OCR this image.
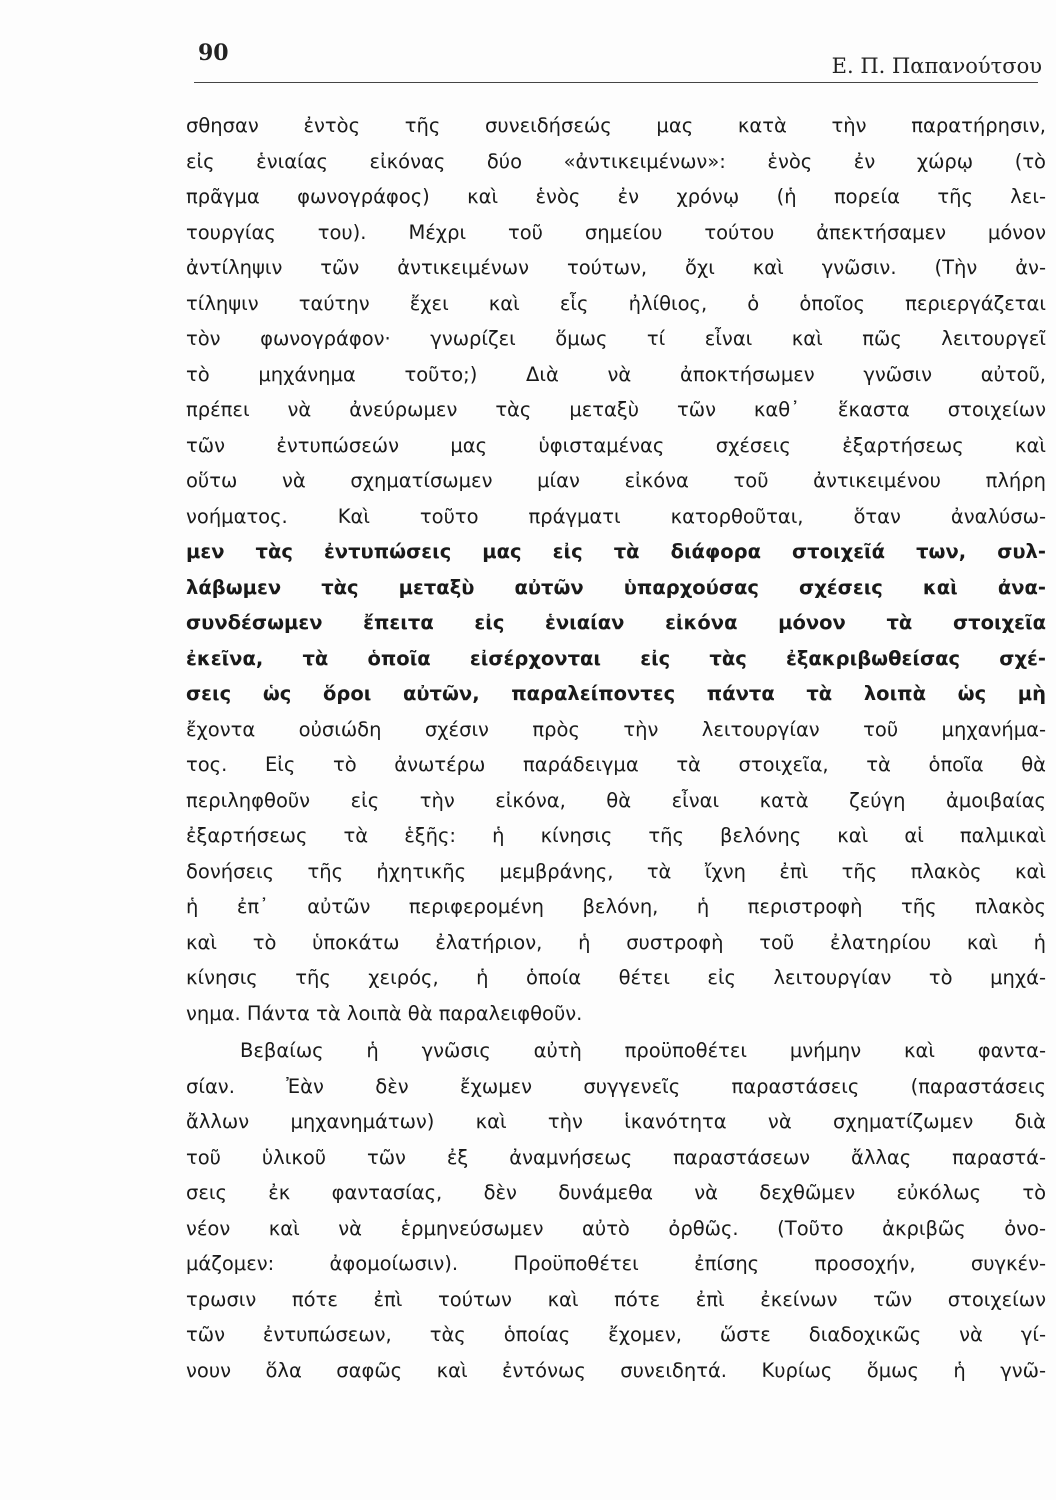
90	Ε. Π. Παπανούτσου
σθησαν ἐντὸς τῆς συνειδήσεώς μας κατὰ τὴν παρατήρησιν,
εἰς ἑνιαίας εἰκόνας δύο «ἀντικειμένων»: ἑνὸς ἐν χώρῳ (τὸ
πρᾶγμα φωνογράφος) καὶ ἑνὸς ἐν χρόνῳ (ἡ πορεία τῆς λει-
τουργίας του). Μέχρι τοῦ σημείου τούτου ἀπεκτήσαμεν μόνον
ἀντίληψιν τῶν ἀντικειμένων τούτων, ὄχι καὶ γνῶσιν. (Τὴν ἀν-
τίληψιν ταύτην ἔχει καὶ εἷς ἠλίθιος, ὁ ὁποῖος περιεργάζεται
τὸν φωνογράφον· γνωρίζει ὅμως τί εἶναι καὶ πῶς λειτουργεῖ
τὸ μηχάνημα τοῦτο;) Διὰ νὰ ἀποκτήσωμεν γνῶσιν αὐτοῦ,
πρέπει νὰ ἀνεύρωμεν τὰς μεταξὺ τῶν καθ᾽ ἕκαστα στοιχείων
τῶν ἐντυπώσεών μας ὑφισταμένας σχέσεις ἐξαρτήσεως καὶ
οὕτω νὰ σχηματίσωμεν μίαν εἰκόνα τοῦ ἀντικειμένου πλήρη
νοήματος. Καὶ τοῦτο πράγματι κατορθοῦται, ὅταν ἀναλύσω-
μεν τὰς ἐντυπώσεις μας εἰς τὰ διάφορα στοιχεῖά των, συλ-
λάβωμεν τὰς μεταξὺ αὐτῶν ὑπαρχούσας σχέσεις καὶ ἀνα-
συνδέσωμεν ἔπειτα εἰς ἑνιαίαν εἰκόνα μόνον τὰ στοιχεῖα
ἐκεῖνα, τὰ ὁποῖα εἰσέρχονται εἰς τὰς ἐξακριβωθείσας σχέ-
σεις ὡς ὅροι αὐτῶν, παραλείποντες πάντα τὰ λοιπὰ ὡς μὴ
ἔχοντα οὐσιώδη σχέσιν πρὸς τὴν λειτουργίαν τοῦ μηχανήμα-
τος. Εἰς τὸ ἀνωτέρω παράδειγμα τὰ στοιχεῖα, τὰ ὁποῖα θὰ
περιληφθοῦν εἰς τὴν εἰκόνα, θὰ εἶναι κατὰ ζεύγη ἀμοιβαίας
ἐξαρτήσεως τὰ ἑξῆς: ἡ κίνησις τῆς βελόνης καὶ αἱ παλμικαὶ
δονήσεις τῆς ἠχητικῆς μεμβράνης, τὰ ἴχνη ἐπὶ τῆς πλακὸς καὶ
ἡ ἐπ᾽ αὐτῶν περιφερομένη βελόνη, ἡ περιστροφὴ τῆς πλακὸς
καὶ τὸ ὑποκάτω ἐλατήριον, ἡ συστροφὴ τοῦ ἐλατηρίου καὶ ἡ
κίνησις τῆς χειρός, ἡ ὁποία θέτει εἰς λειτουργίαν τὸ μηχά-
νημα. Πάντα τὰ λοιπὰ θὰ παραλειφθοῦν.
Βεβαίως ἡ γνῶσις αὐτὴ προϋποθέτει μνήμην καὶ φαντα-
σίαν. Ἐὰν δὲν ἔχωμεν συγγενεῖς παραστάσεις (παραστάσεις
ἄλλων μηχανημάτων) καὶ τὴν ἱκανότητα νὰ σχηματίζωμεν διὰ
τοῦ ὑλικοῦ τῶν ἐξ ἀναμνήσεως παραστάσεων ἄλλας παραστά-
σεις ἐκ φαντασίας, δὲν δυνάμεθα νὰ δεχθῶμεν εὐκόλως τὸ
νέον καὶ νὰ ἑρμηνεύσωμεν αὐτὸ ὀρθῶς. (Τοῦτο ἀκριβῶς ὀνο-
μάζομεν: ἀφομοίωσιν). Προϋποθέτει ἐπίσης προσοχήν, συγκέν-
τρωσιν πότε ἐπὶ τούτων καὶ πότε ἐπὶ ἐκείνων τῶν στοιχείων
τῶν ἐντυπώσεων, τὰς ὁποίας ἔχομεν, ὥστε διαδοχικῶς νὰ γί-
νουν ὅλα σαφῶς καὶ ἐντόνως συνειδητά. Κυρίως ὅμως ἡ γνῶ-
